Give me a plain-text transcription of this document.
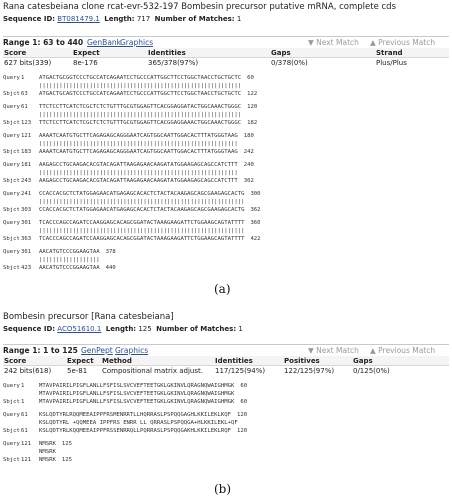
Rana catesbeiana clone rcat-evr-532-197 Bombesin precursor putative mRNA, complete cds
Sequence ID: BT081479.1 Length: 717 Number of Matches: 1
Range 1: 63 to 440 GenBank
Graphics	▼ Next Match ▲ Previous Match
Score	Expect	Identities	Gaps	Strand
627 bits(339)	8e-176	365/378(97%)	0/378(0%)	Plus/Plus
Query 1	ATGACTGCGGTCCCTGCCATCAGAATCCTGCCCATTGGCTTCCTGGCTAACCTGCTGCTC 60
||||||||||||||||||||||||||||||||||||||||||||||||||||||||||||
Sbjct 63	ATGACTGCAGTCCCTGCCATCAGAATCCTGCCCATTGGCTTCCTGGCTAACCTGCTGCTC 122
Query 61	TTCTCCTTCATCTCGCTCTCTGTTTGCGTGGAGTTCACGGAGGATACTGGCAAACTGGGC 120
||||||||||||||||||||||||||||||||||||||||||||||||||||||||||||
Sbjct 123	TTCTCCTTCATCTCGCTCTCTGTTTGCGTGGAGTTCACGGAGGAAACTGGCAAACTGGGC 182
Query 121	AAAATCAATGTGCTTCAGAGAGCAGGGAATCAGTGGCAATTGGACACTTTATGGGTAAG 180
|||||||||||||||||||||||||||||||||||||||||||||||||||||||||||
Sbjct 183	AAAATCAATGTGCTTCAGAGAGCAGGGAATCAGTGGCAATTGGACACTTTATGGGTAAG 242
Query 181	AAGAGCCTGCAAGACACGTACAGATTAAGAGAACAAGATATGGAAGAGCAGCCATCTTT 240
|||||||||||||||||||||||||||||||||||||||||||||||||||||||||||
Sbjct 243	AAGAGCCTGCAAGACACGTACAGATTAAGAGAACAAGATATGGAAGAGCAGCCATCTTT 302
Query 241	CCACCACGCTCTATGGAGAACATGAGAGCACACTCTACTACAAGAGCAGCGAAGAGCACTG 300
|||||||||||||||||||||||||||||||||||||||||||||||||||||||||||||
Sbjct 303	CCACCACGCTCTATGGAGAACATGAGAGCACACTCTACTACAAGAGCAGCGAAGAGCACTG 362
Query 301	TCACCCAGCCAGATCCAAGGAGCACAGCGGATACTAAAGAAGATTCTGGAAGCAGTATTTT 360
|||||||||||||||||||||||||||||||||||||||||||||||||||||||||||||
Sbjct 363	TCACCCAGCCAGATCCAAGGAGCACAGCGGATACTAAAGAAGATTCTGGAAGCAGTATTTT 422
Query 361	AACATGTCCCGGAAGTAA 378
||||||||||||||||||
Sbjct 423	AACATGTCCCGGAAGTAA 440
(a)
Bombesin precursor [Rana catesbeiana]
Sequence ID: ACO51610.1 Length: 125 Number of Matches: 1
Range 1: 1 to 125 GenPept Graphics	▼ Next Match ▲ Previous Match
Score	Expect	Method	Identities	Positives	Gaps
242 bits(618)	5e-81	Compositional matrix adjust.	117/125(94%)	122/125(97%)	0/125(0%)
Query 1	MTAVPAIRILPIGFLANLLFSFISLSVCVEFTEETGKLGKINVLQRAGNQWAIGHMGK 60
MTAVPAIRILPIGFLANLLFSFISLSVCVEFTEETGKLGKINVLQRAGNQWAIGHMGK
Sbjct 1	MTAVPAIRILPIGFLANLLFSFISLSVCVEFTEETGKLGKINVLQRAGNQWAIGHMGK 60
Query 61	KSLQDTYRLRQQMEEAIPPFRSMENRRTLLHQRRASLPSPQQGAGHLKKILEKLKQF 120
KSLQDTYRL +QQMEEA IPPFRS ENRR LL QRRASLPSPQQGA+HLKKILEKL+QF
Sbjct 61	KSLQDTYRLKQQMEEAIPPFRSSENRRQLLPQRRASLPSPQQGAKHLKKILEKLRQF 120
Query 121	NMSRK 125
NMSRK
Sbjct 121	NMSRK 125
(b)
